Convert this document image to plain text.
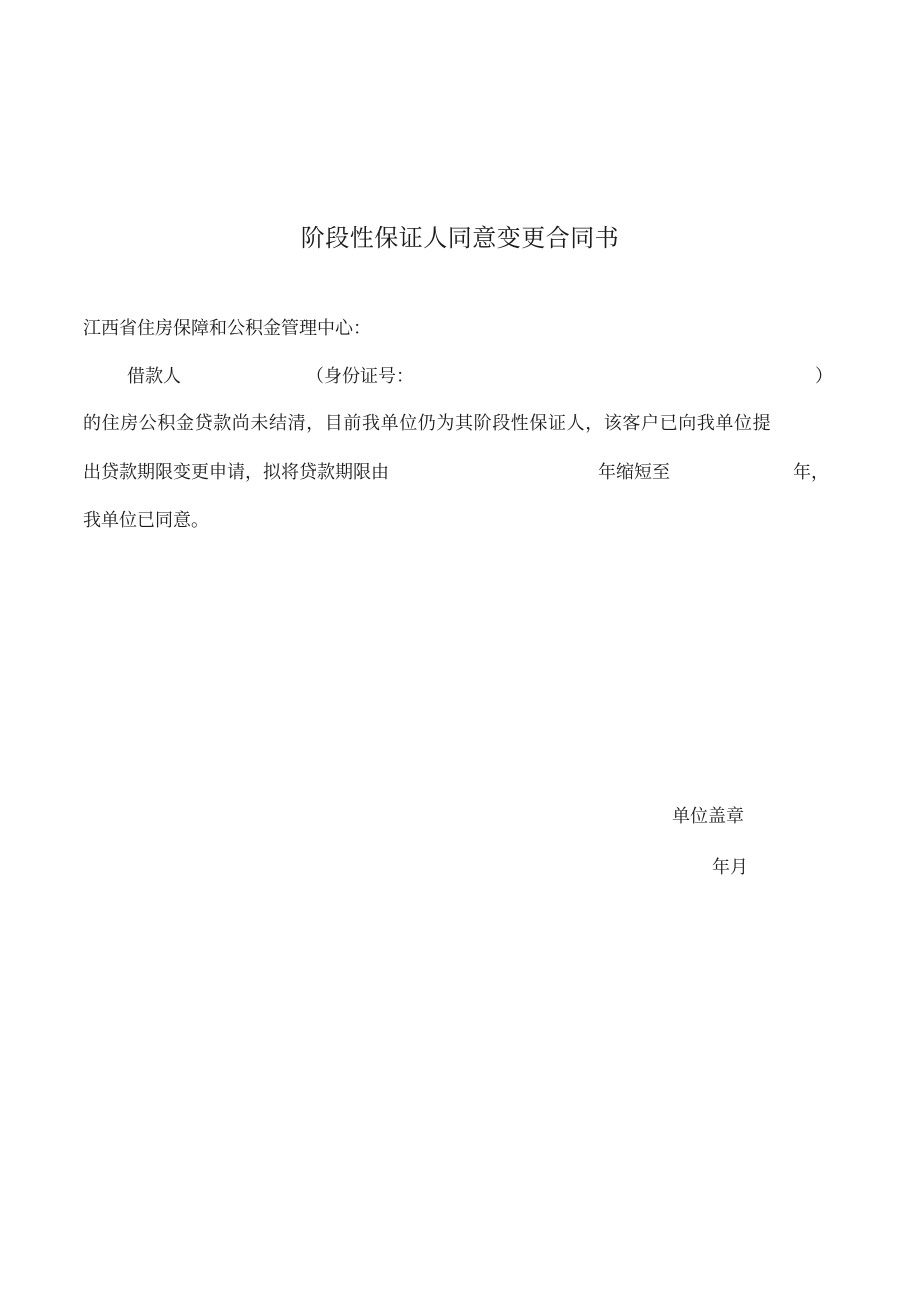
阶段性保证人同意变更合同书
江西省住房保障和公积金管理中心：
借款人	（身份证号：	）
的住房公积金贷款尚未结清，目前我单位仍为其阶段性保证人，该客户已向我单位提
出贷款期限变更申请，拟将贷款期限由	年缩短至	年，
我单位已同意。
单位盖章
年月
